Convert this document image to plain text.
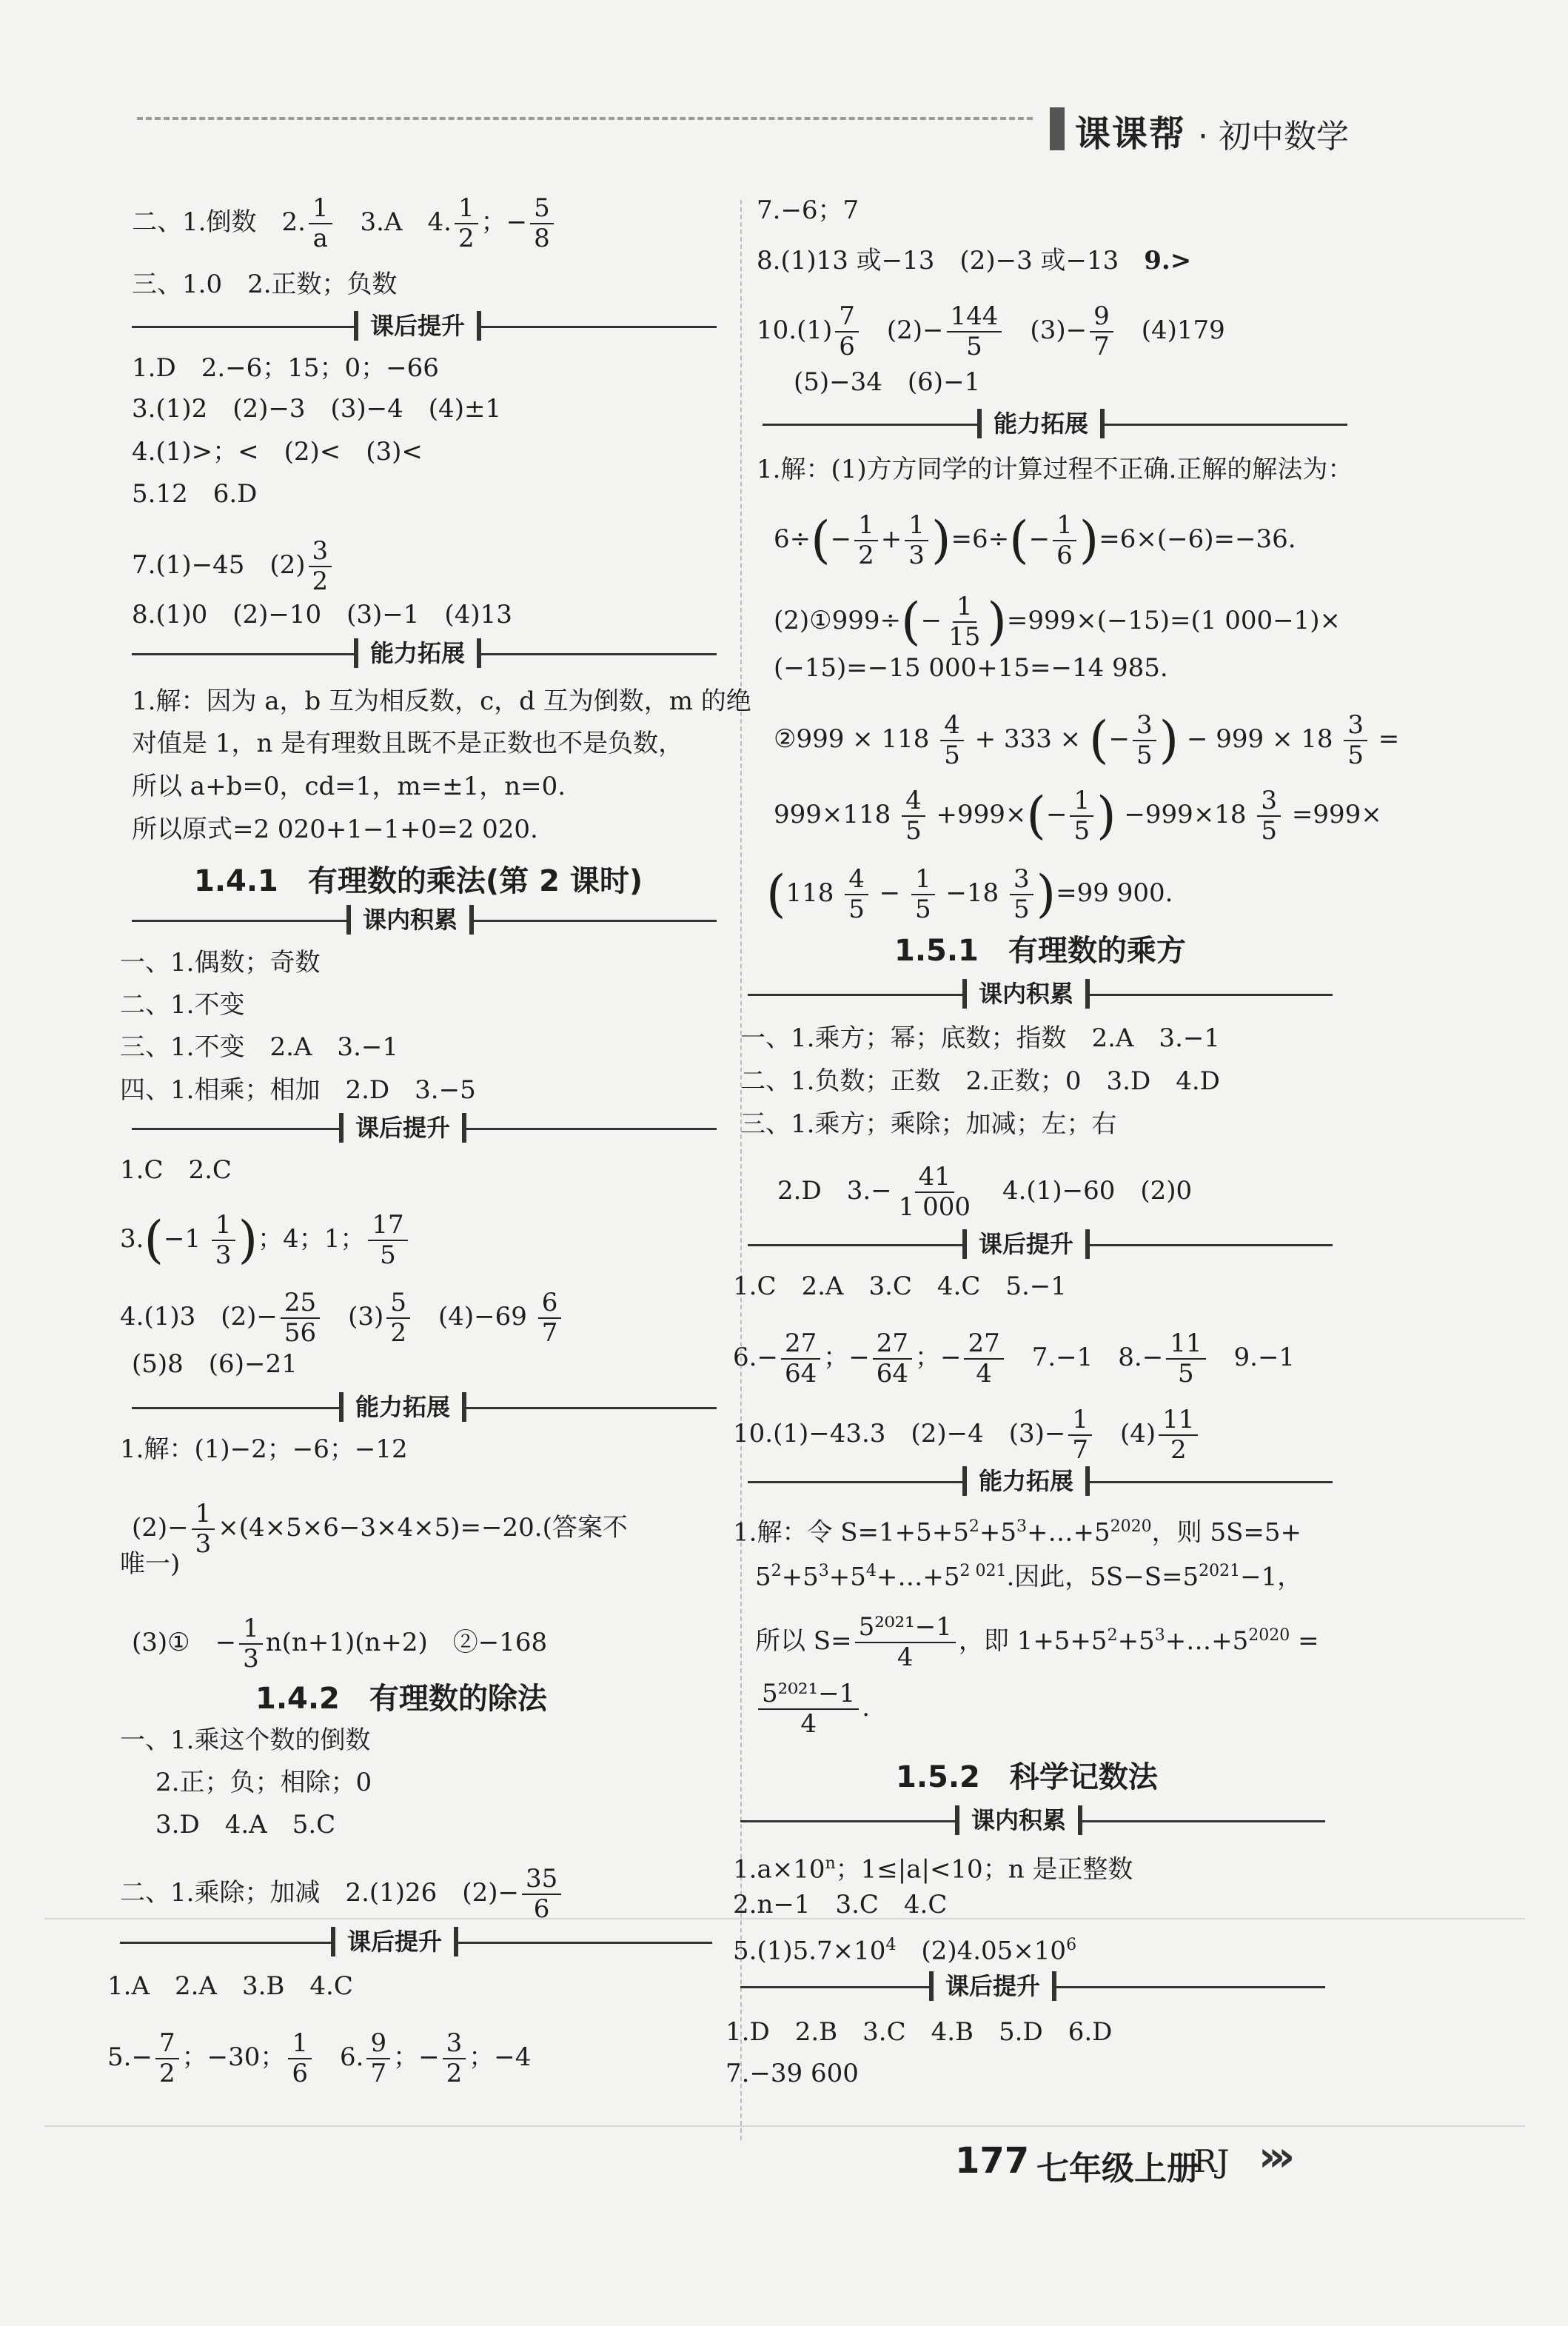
课课帮 · 初中数学
二、1.倒数　2. $\frac{1}{a}$ 　3.A　4. $\frac{1}{2}$ ；− $\frac{5}{8}$
三、1.0　2.正数；负数
课后提升
1.D　2.−6；15；0；−66
3.(1)2　(2)−3　(3)−4　(4)±1
4.(1)>；<　(2)<　(3)<
5.12　6.D
7.(1)−45　$(2) \frac{3}{2}$
8.(1)0　(2)−10　(3)−1　(4)13
能力拓展
1.解：因为 a，b 互为相反数，c，d 互为倒数，m 的绝
对值是 1，n 是有理数且既不是正数也不是负数，
所以 a+b=0，cd=1，m=±1，n=0.
所以原式=2 020+1−1+0=2 020.
1.4.1　有理数的乘法(第 2 课时)
课内积累
一、1.偶数；奇数
二、1.不变
三、1.不变　2.A　3.−1
四、1.相乘；相加　2.D　3.−5
课后提升
1.C　2.C
$3.(-1 \frac{1}{3}$ )；4；1； $\frac{17}{5}$
4.(1)3　$(2)- \frac{25}{56}$ 　$(3) \frac{5}{2}$ 　$(4)-69 \frac{6}{7}$
(5)8　(6)−21
能力拓展
1.解：(1)−2；−6；−12
$(2)- \frac{1}{3} \times(4\times 5\times 6-3\times 4\times 5)=-20$.(答案不
唯一)
(3)①　− $\frac{1}{3} n(n+1)(n+2)$　②−168
1.4.2　有理数的除法
一、1.乘这个数的倒数
2.正；负；相除；0
3.D　4.A　5.C
二、1.乘除；加减　2.(1)26　$(2)- \frac{35}{6}$
课后提升
1.A　2.A　3.B　4.C
$5.- \frac{7}{2}$ ；−30； $\frac{1}{6}$ 　6. $\frac{9}{7}$ ；− $\frac{3}{2}$ ；−4
7.−6；7
8.(1)13 或−13　(2)−3 或−13　9.>
$10.(1) \frac{7}{6}$ 　$(2)- \frac{144}{5}$ 　$(3)- \frac{9}{7}$ 　(4)179
(5)−34　(6)−1
能力拓展
1.解：(1)方方同学的计算过程不正确.正解的解法为：
$6\div(- \frac{1}{2} + \frac{1}{3} )=6\div(- \frac{1}{6} )=6\times(-6)=-36$.
(2)①999÷(− $\frac{1}{15} )=999\times(-15)=(1$ 000−1)×
(−15)=−15 000+15=−14 985.
②999 × $118 \frac{4}{5} + 333$ × (− $\frac{3}{5}$ ) − $999 \times 18 \frac{3}{5}$ =
$999\times 118 \frac{4}{5} +999\times(- \frac{1}{5}$ ) $-999\times 18 \frac{3}{5} =999\times$
$(118 \frac{4}{5} - \frac{1}{5} -18 \frac{3}{5} )=99$ 900.
1.5.1　有理数的乘方
课内积累
一、1.乘方；幂；底数；指数　2.A　3.−1
二、1.负数；正数　2.正数；0　3.D　4.D
三、1.乘方；乘除；加减；左；右
2.D　$3.- \frac{41}{1 000}$ 　4.(1)−60　(2)0
课后提升
1.C　2.A　3.C　4.C　5.−1
$6.- \frac{27}{64}$ ；− $\frac{27}{64}$ ；− $\frac{27}{4}$ 　7.−1　$8.- \frac{11}{5}$ 　9.−1
10.(1)−43.3　(2)−4　$(3)- \frac{1}{7}$ 　$(4) \frac{11}{2}$
能力拓展
1.解：令 $S=1+5+5^2+5^3+\dots+5^{2020}$，则 5S=5+
$5^2+5^3+5^4+\dots+5^{2 021}$.因此，$5S-S=5^{2021}-1$，
所以 $S= \frac{\text{5²⁰²¹−1}}{4}$ ，即 $1+5+5^2+5^3+\dots+5^{2020}$ =
$\frac{\text{5²⁰²¹−1}}{4}$ .
1.5.2　科学记数法
课内积累
$1.a\times 10^n$；1≤|a|<10；n 是正整数
2.n−1　3.C　4.C
$5.(1)5.7\times 10^4$　$(2)4.05\times 10^6$
课后提升
1.D　2.B　3.C　4.B　5.D　6.D
7.−39 600
177 七年级上册
RJ ›››
